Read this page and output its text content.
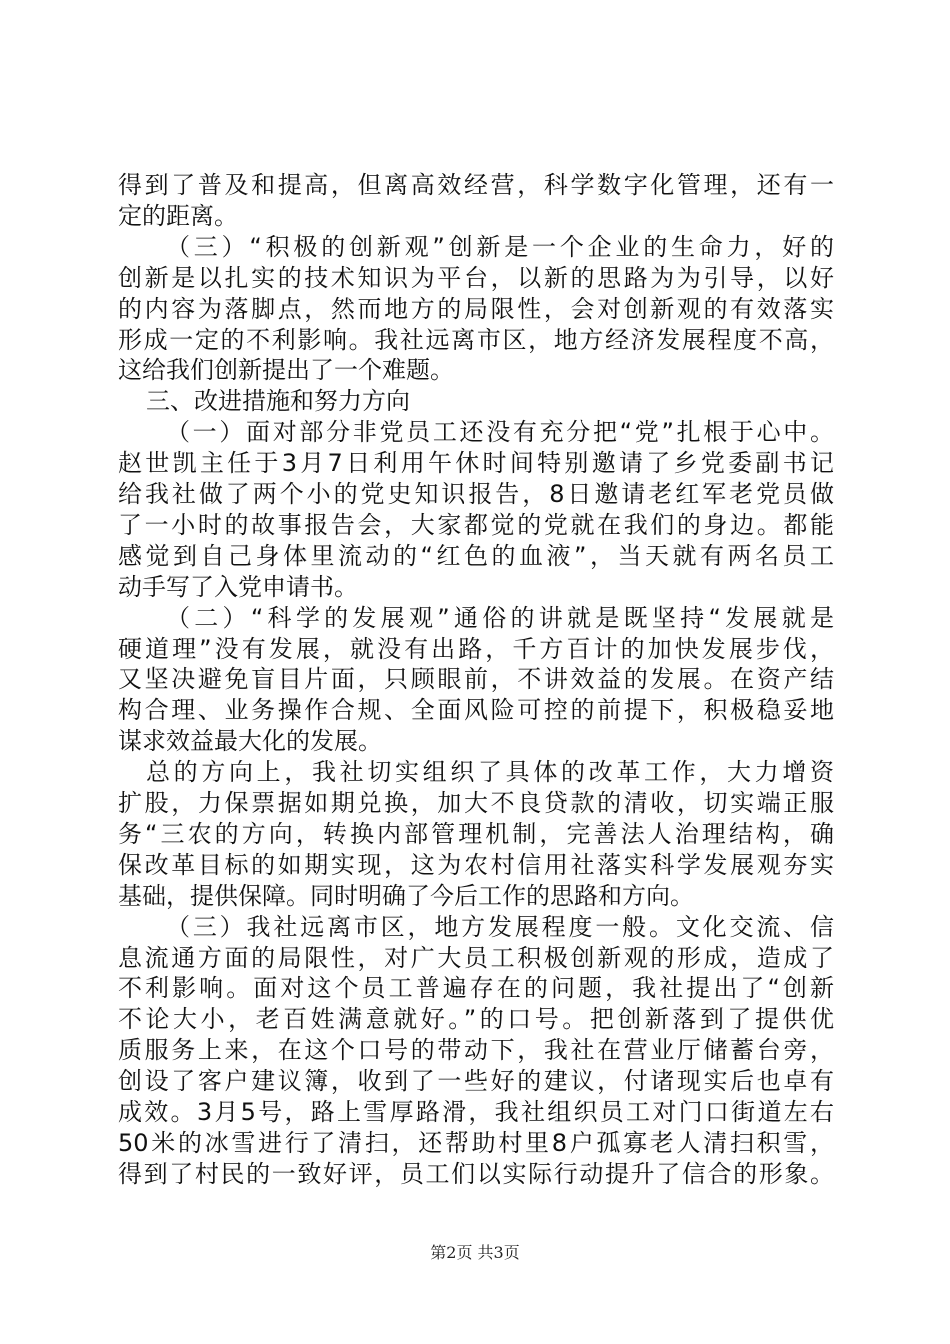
得到了普及和提高，但离高效经营，科学数字化管理，还有一
定的距离。
（三）“积极的创新观”创新是一个企业的生命力，好的
创新是以扎实的技术知识为平台，以新的思路为为引导，以好
的内容为落脚点，然而地方的局限性，会对创新观的有效落实
形成一定的不利影响。我社远离市区，地方经济发展程度不高，
这给我们创新提出了一个难题。
三、改进措施和努力方向
（一）面对部分非党员工还没有充分把“党”扎根于心中。
赵世凯主任于3月7日利用午休时间特别邀请了乡党委副书记
给我社做了两个小的党史知识报告，8日邀请老红军老党员做
了一小时的故事报告会，大家都觉的党就在我们的身边。都能
感觉到自己身体里流动的“红色的血液”，当天就有两名员工
动手写了入党申请书。
（二）“科学的发展观”通俗的讲就是既坚持“发展就是
硬道理”没有发展，就没有出路，千方百计的加快发展步伐，
又坚决避免盲目片面，只顾眼前，不讲效益的发展。在资产结
构合理、业务操作合规、全面风险可控的前提下，积极稳妥地
谋求效益最大化的发展。
总的方向上，我社切实组织了具体的改革工作，大力增资
扩股，力保票据如期兑换，加大不良贷款的清收，切实端正服
务“三农的方向，转换内部管理机制，完善法人治理结构，确
保改革目标的如期实现，这为农村信用社落实科学发展观夯实
基础，提供保障。同时明确了今后工作的思路和方向。
（三）我社远离市区，地方发展程度一般。文化交流、信
息流通方面的局限性，对广大员工积极创新观的形成，造成了
不利影响。面对这个员工普遍存在的问题，我社提出了“创新
不论大小，老百姓满意就好。”的口号。把创新落到了提供优
质服务上来，在这个口号的带动下，我社在营业厅储蓄台旁，
创设了客户建议簿，收到了一些好的建议，付诸现实后也卓有
成效。3月5号，路上雪厚路滑，我社组织员工对门口街道左右
50米的冰雪进行了清扫，还帮助村里8户孤寡老人清扫积雪，
得到了村民的一致好评，员工们以实际行动提升了信合的形象。
第2页 共3页
